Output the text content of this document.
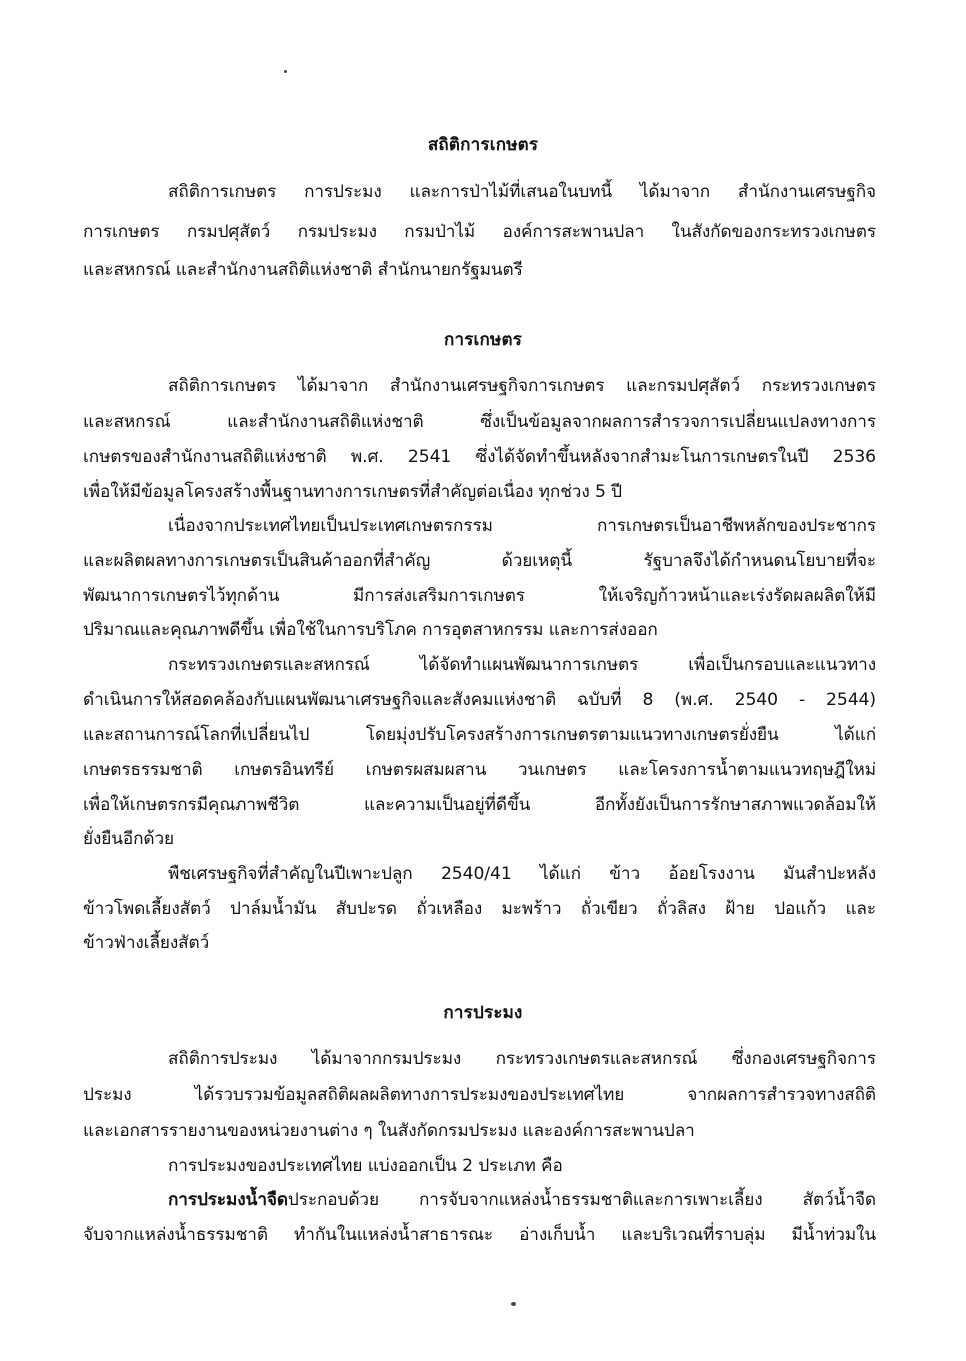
สถิติการเกษตร
สถิติการเกษตร การประมง และการป่าไม้ที่เสนอในบทนี้ ได้มาจาก สำนักงานเศรษฐกิจ
การเกษตร กรมปศุสัตว์ กรมประมง กรมป่าไม้ องค์การสะพานปลา ในสังกัดของกระทรวงเกษตร
และสหกรณ์ และสำนักงานสถิติแห่งชาติ สำนักนายกรัฐมนตรี
การเกษตร
สถิติการเกษตร ได้มาจาก สำนักงานเศรษฐกิจการเกษตร และกรมปศุสัตว์ กระทรวงเกษตร
และสหกรณ์ และสำนักงานสถิติแห่งชาติ ซึ่งเป็นข้อมูลจากผลการสำรวจการเปลี่ยนแปลงทางการ
เกษตรของสำนักงานสถิติแห่งชาติ พ.ศ. 2541 ซึ่งได้จัดทำขึ้นหลังจากสำมะโนการเกษตรในปี 2536
เพื่อให้มีข้อมูลโครงสร้างพื้นฐานทางการเกษตรที่สำคัญต่อเนื่อง ทุกช่วง 5 ปี
เนื่องจากประเทศไทยเป็นประเทศเกษตรกรรม การเกษตรเป็นอาชีพหลักของประชากร
และผลิตผลทางการเกษตรเป็นสินค้าออกที่สำคัญ ด้วยเหตุนี้ รัฐบาลจึงได้กำหนดนโยบายที่จะ
พัฒนาการเกษตรไว้ทุกด้าน มีการส่งเสริมการเกษตร ให้เจริญก้าวหน้าและเร่งรัดผลผลิตให้มี
ปริมาณและคุณภาพดีขึ้น เพื่อใช้ในการบริโภค การอุตสาหกรรม และการส่งออก
กระทรวงเกษตรและสหกรณ์ ได้จัดทำแผนพัฒนาการเกษตร เพื่อเป็นกรอบและแนวทาง
ดำเนินการให้สอดคล้องกับแผนพัฒนาเศรษฐกิจและสังคมแห่งชาติ ฉบับที่ 8 (พ.ศ. 2540 - 2544)
และสถานการณ์โลกที่เปลี่ยนไป โดยมุ่งปรับโครงสร้างการเกษตรตามแนวทางเกษตรยั่งยืน ได้แก่
เกษตรธรรมชาติ เกษตรอินทรีย์ เกษตรผสมผสาน วนเกษตร และโครงการน้ำตามแนวทฤษฎีใหม่
เพื่อให้เกษตรกรมีคุณภาพชีวิต และความเป็นอยู่ที่ดีขึ้น อีกทั้งยังเป็นการรักษาสภาพแวดล้อมให้
ยั่งยืนอีกด้วย
พืชเศรษฐกิจที่สำคัญในปีเพาะปลูก 2540/41 ได้แก่ ข้าว อ้อยโรงงาน มันสำปะหลัง
ข้าวโพดเลี้ยงสัตว์ ปาล์มน้ำมัน สับปะรด ถั่วเหลือง มะพร้าว ถั่วเขียว ถั่วลิสง ฝ้าย ปอแก้ว และ
ข้าวฟ่างเลี้ยงสัตว์
การประมง
สถิติการประมง ได้มาจากกรมประมง กระทรวงเกษตรและสหกรณ์ ซึ่งกองเศรษฐกิจการ
ประมง ได้รวบรวมข้อมูลสถิติผลผลิตทางการประมงของประเทศไทย จากผลการสำรวจทางสถิติ
และเอกสารรายงานของหน่วยงานต่าง ๆ ในสังกัดกรมประมง และองค์การสะพานปลา
การประมงของประเทศไทย แบ่งออกเป็น 2 ประเภท คือ
การประมงน้ำจืด ประกอบด้วย การจับจากแหล่งน้ำธรรมชาติและการเพาะเลี้ยง สัตว์น้ำจืด
จับจากแหล่งน้ำธรรมชาติ ทำกันในแหล่งน้ำสาธารณะ อ่างเก็บน้ำ และบริเวณที่ราบลุ่ม มีน้ำท่วมใน
